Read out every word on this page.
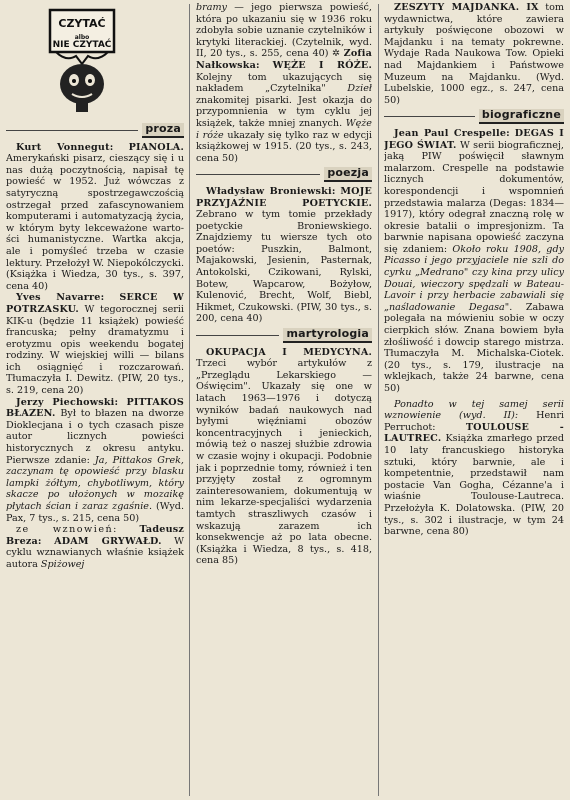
CZYTAĆ
albo
NIE CZYTAĆ
proza

Kurt Vonnegut: PIANOLA. Amerykański pisarz, cieszący się i u nas dużą poczytnością, napisał tę powieść w 1952. Już wówczas z satyryczną spostrzegawczością ostrzegał przed zafascynowaniem komputerami i automatyzacją życia, w którym byty lekceważone wartości humanistyczne. Wartka akcja, ale i pomyśleć trzeba w czasie lektury. Przełożył W. Niepokólczycki. (Książka i Wiedza, 30 tys., s. 397, cena 40)

Yves Navarre: SERCE W POTRZASKU. W tegorocznej serii KIK-u (będzie 11 książek) powieść francuska; pełny dramatyzmu i erotyzmu opis weekendu bogatej rodziny. W wiejskiej willi — bilans ich osiągnięć i rozczarowań. Tłumaczyła I. Dewitz. (PIW, 20 tys., s. 219, cena 20)

Jerzy Piechowski: PITTAKOS BŁAZEN. Był to błazen na dworze Dioklecjana i o tych czasach pisze autor licznych powieści historycznych z okresu antyku. Pierwsze zdanie: Ja, Pittakos Grek, zaczynam tę opowieść przy blasku lampki żółtym, chybotliwym, który skacze po ułożonych w mozaikę płytach ścian i zaraz zgaśnie. (Wyd. Pax, 7 tys., s. 215, cena 50)

ze wznowień: Tadeusz Breza: ADAM GRYWAŁD. W cyklu wznawianych właśnie książek autora Spiżowej

bramy — jego pierwsza powieść, która po ukazaniu się w 1936 roku zdobyła sobie uznanie czytelników i krytyki literackiej. (Czytelnik, wyd. II, 20 tys., s. 255, cena 40) ✲ Zofia Nałkowska: WĘŻE I RÓŻE. Kolejny tom ukazujących się nakładem „Czytelnika" Dzieł znakomitej pisarki. Jest okazja do przypomnienia w tym cyklu jej książek, także mniej znanych. Węże i róże ukazały się tylko raz w edycji książkowej w 1915. (20 tys., s. 243, cena 50)

poezja

Władysław Broniewski: MOJE PRZYJAŹNIE POETYCKIE. Zebrano w tym tomie przekłady poetyckie Broniewskiego. Znajdziemy tu wiersze tych oto poetów: Puszkin, Balmont, Majakowski, Jesienin, Pasternak, Antokolski, Czikowani, Rylski, Botew, Wapcarow, Bożyłow, Kulenović, Brecht, Wolf, Biebl, Hikmet, Czukowski. (PIW, 30 tys., s. 200, cena 40)

martyrologia

OKUPACJA I MEDYCYNA. Trzeci wybór artykułów z „Przeglądu Lekarskiego — Oświęcim". Ukazały się one w latach 1963—1976 i dotyczą wyników badań naukowych nad byłymi więźniami obozów koncentracyjnych i jenieckich, mówią też o naszej służbie zdrowia w czasie wojny i okupacji. Podobnie jak i poprzednie tomy, również i ten przyjęty został z ogromnym zainteresowaniem, dokumentują w nim lekarze-specjaliści wydarzenia tamtych straszliwych czasów i wskazują zarazem ich konsekwencje aż po lata obecne. (Książka i Wiedza, 8 tys., s. 418, cena 85)

ZESZYTY MAJDANKA. IX tom wydawnictwa, które zawiera artykuły poświęcone obozowi w Majdanku i na tematy pokrewne. Wydaje Rada Naukowa Tow. Opieki nad Majdankiem i Państwowe Muzeum na Majdanku. (Wyd. Lubelskie, 1000 egz., s. 247, cena 50)

biograficzne

Jean Paul Crespelle: DEGAS I JEGO ŚWIAT. W serii biograficznej, jaką PIW poświęcił sławnym malarzom. Crespelle na podstawie licznych dokumentów, korespondencji i wspomnień przedstawia malarza (Degas: 1834—1917), który odegrał znaczną rolę w okresie batalii o impresjonizm. Ta barwnie napisana opowieść zaczyna się zdaniem: Około roku 1908, gdy Picasso i jego przyjaciele nie szli do cyrku „Medrano" czy kina przy ulicy Douai, wieczory spędzali w Bateau-Lavoir i przy herbacie zabawiali się „naśladowanie Degasa". Zabawa polegała na mówieniu sobie w oczy cierpkich słów. Znana bowiem była złośliwość i dowcip starego mistrza. Tłumaczyła M. Michalska-Ciotek. (20 tys., s. 179, ilustracje na wklejkach, także 24 barwne, cena 50)

Ponadto w tej samej serii wznowienie (wyd. II): Henri Perruchot:	TOULOUSE - LAUTREC. Książka zmarłego przed 10 laty francuskiego historyka sztuki, który barwnie, ale i kompetentnie, przedstawił nam postacie Van Gogha, Cézanne'a i wiaśnie Toulouse-Lautreca. Przełożyła K. Dolatowska. (PIW, 20 tys., s. 302 i ilustracje, w tym 24 barwne, cena 80)
